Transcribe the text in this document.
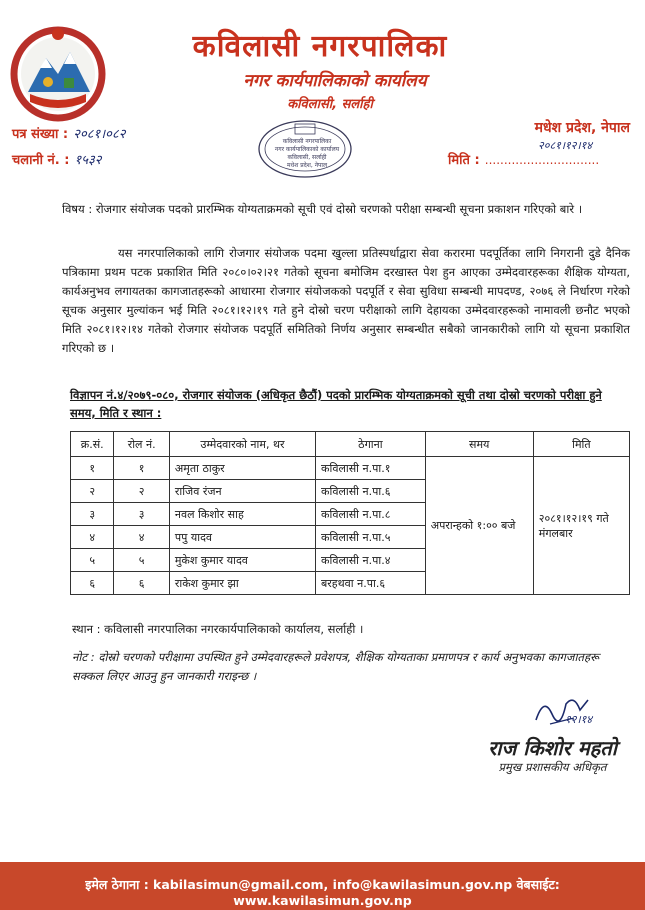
कविलासी नगरपालिका
नगर कार्यपालिकाको कार्यालय
कविलासी, सर्लाही
पत्र संख्या : २०८१।०८२
चलानी नं. : १५३२
कविलासी नगरपालिका
नगर कार्यपालिकाको कार्यालय
कविलासी, सर्लाही
मधेश प्रदेश, नेपाल
मधेश प्रदेश, नेपाल
मिति : ..............................
२०८१।१२।१४
विषय : रोजगार संयोजक पदको प्रारम्भिक योग्यताक्रमको सूची एवं दोस्रो चरणको परीक्षा सम्बन्धी सूचना प्रकाशन गरिएको बारे ।
यस नगरपालिकाको लागि रोजगार संयोजक पदमा खुल्ला प्रतिस्पर्धाद्वारा सेवा करारमा पदपूर्तिका लागि निगरानी दुडे दैनिक पत्रिकामा प्रथम पटक प्रकाशित मिति २०८०।०२।२१ गतेको सूचना बमोजिम दरखास्त पेश हुन आएका उम्मेदवारहरूका शैक्षिक योग्यता, कार्यअनुभव लगायतका कागजातहरूको आधारमा रोजगार संयोजकको पदपूर्ति र सेवा सुविधा सम्बन्धी मापदण्ड, २०७६ ले निर्धारण गरेको सूचक अनुसार मुल्यांकन भई मिति २०८१।१२।१९ गते हुने दोस्रो चरण परीक्षाको लागि देहायका उम्मेदवारहरूको नामावली छनौट भएको मिति २०८१।१२।१४ गतेको रोजगार संयोजक पदपूर्ति समितिको निर्णय अनुसार सम्बन्धीत सबैको जानकारीको लागि यो सूचना प्रकाशित गरिएको छ ।
विज्ञापन नं.४/२०७९-०८०, रोजगार संयोजक (अधिकृत छैठौं) पदको प्रारम्भिक योग्यताक्रमको सूची तथा दोस्रो चरणको परीक्षा हुने समय, मिति र स्थान :
क्र.सं.	रोल नं.	उम्मेदवारको नाम, थर	ठेगाना	समय	मिति
१	१	अमृता ठाकुर	कविलासी न.पा.१	अपरान्हको १:०० बजे	२०८१।१२।१९ गते मंगलबार
२	२	राजिव रंजन	कविलासी न.पा.६		
३	३	नवल किशोर साह	कविलासी न.पा.८		
४	४	पपु यादव	कविलासी न.पा.५		
५	५	मुकेश कुमार यादव	कविलासी न.पा.४		
६	६	राकेश कुमार झा	बरहथवा न.पा.६		
स्थान : कविलासी नगरपालिका नगरकार्यपालिकाको कार्यालय, सर्लाही ।
नोट : दोस्रो चरणको परीक्षामा उपस्थित हुने उम्मेदवारहरूले प्रवेशपत्र, शैक्षिक योग्यताका प्रमाणपत्र र कार्य अनुभवका कागजातहरू सक्कल लिएर आउनु हुन जानकारी गराइन्छ ।
१२।१४
राज किशोर महतो
प्रमुख प्रशासकीय अधिकृत
इमेल ठेगाना : kabilasimun@gmail.com, info@kawilasimun.gov.np वेबसाईट: www.kawilasimun.gov.np
